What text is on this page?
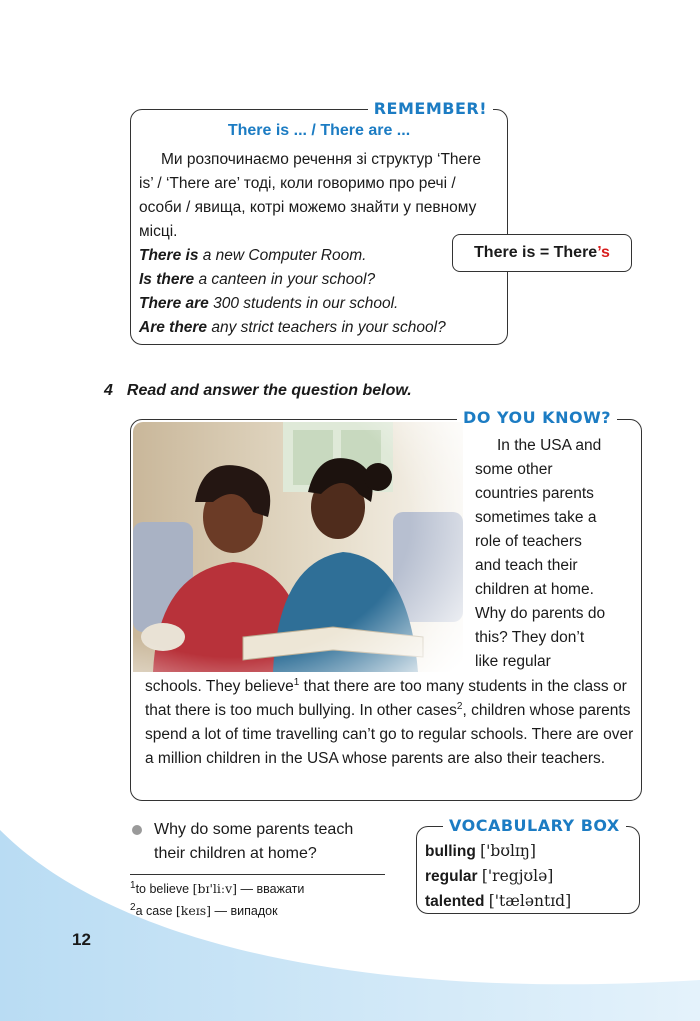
REMEMBER!
There is ... / There are ...

Ми розпочинаємо речення зі структур ‘There is’ / ‘There are’ тоді, коли говоримо про речі / особи / явища, котрі можемо знайти у певному місці.

There is a new Computer Room.

Is there a canteen in your school?

There are 300 students in our school.

Are there any strict teachers in your school?

There is = There’s
4 Read and answer the question below.
DO YOU KNOW?

In the USA and

some other

countries parents

sometimes take a

role of teachers

and teach their

children at home.

Why do parents do

this? They don’t

like regular

schools. They believe$^1$ that there are too many students in the class or that there is too much bullying. In other cases$^2$, children whose parents spend a lot of time travelling can’t go to regular schools. There are over a million children in the USA whose parents are also their teachers.
Why do some parents teach their children at home?
$^1$to believe [bɪ'liːv] — вважати
$^2$a case [keɪs] — випадок
VOCABULARY BOX
bulling ['bʊlɪŋ]
regular ['regjʊlə]
talented ['tæləntɪd]
12
